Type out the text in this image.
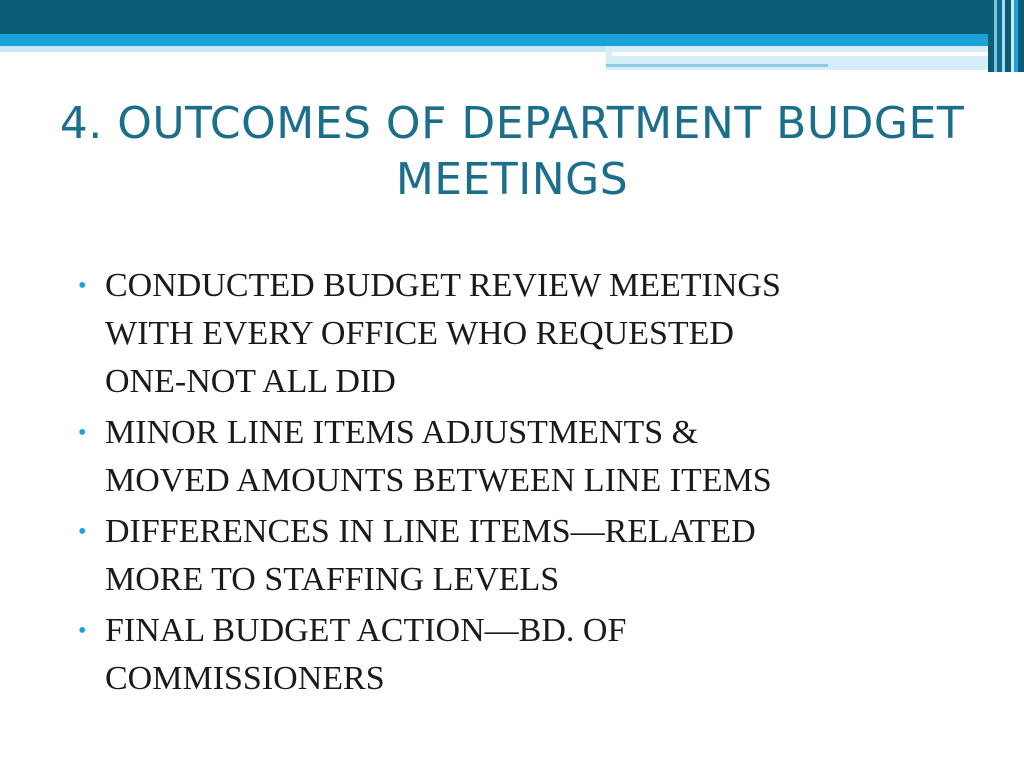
4. OUTCOMES OF DEPARTMENT BUDGET
MEETINGS
• CONDUCTED BUDGET REVIEW MEETINGS
WITH EVERY OFFICE WHO REQUESTED
ONE-NOT ALL DID
• MINOR LINE ITEMS ADJUSTMENTS &
MOVED AMOUNTS BETWEEN LINE ITEMS
• DIFFERENCES IN LINE ITEMS—RELATED
MORE TO STAFFING LEVELS
• FINAL BUDGET ACTION—BD. OF
COMMISSIONERS
